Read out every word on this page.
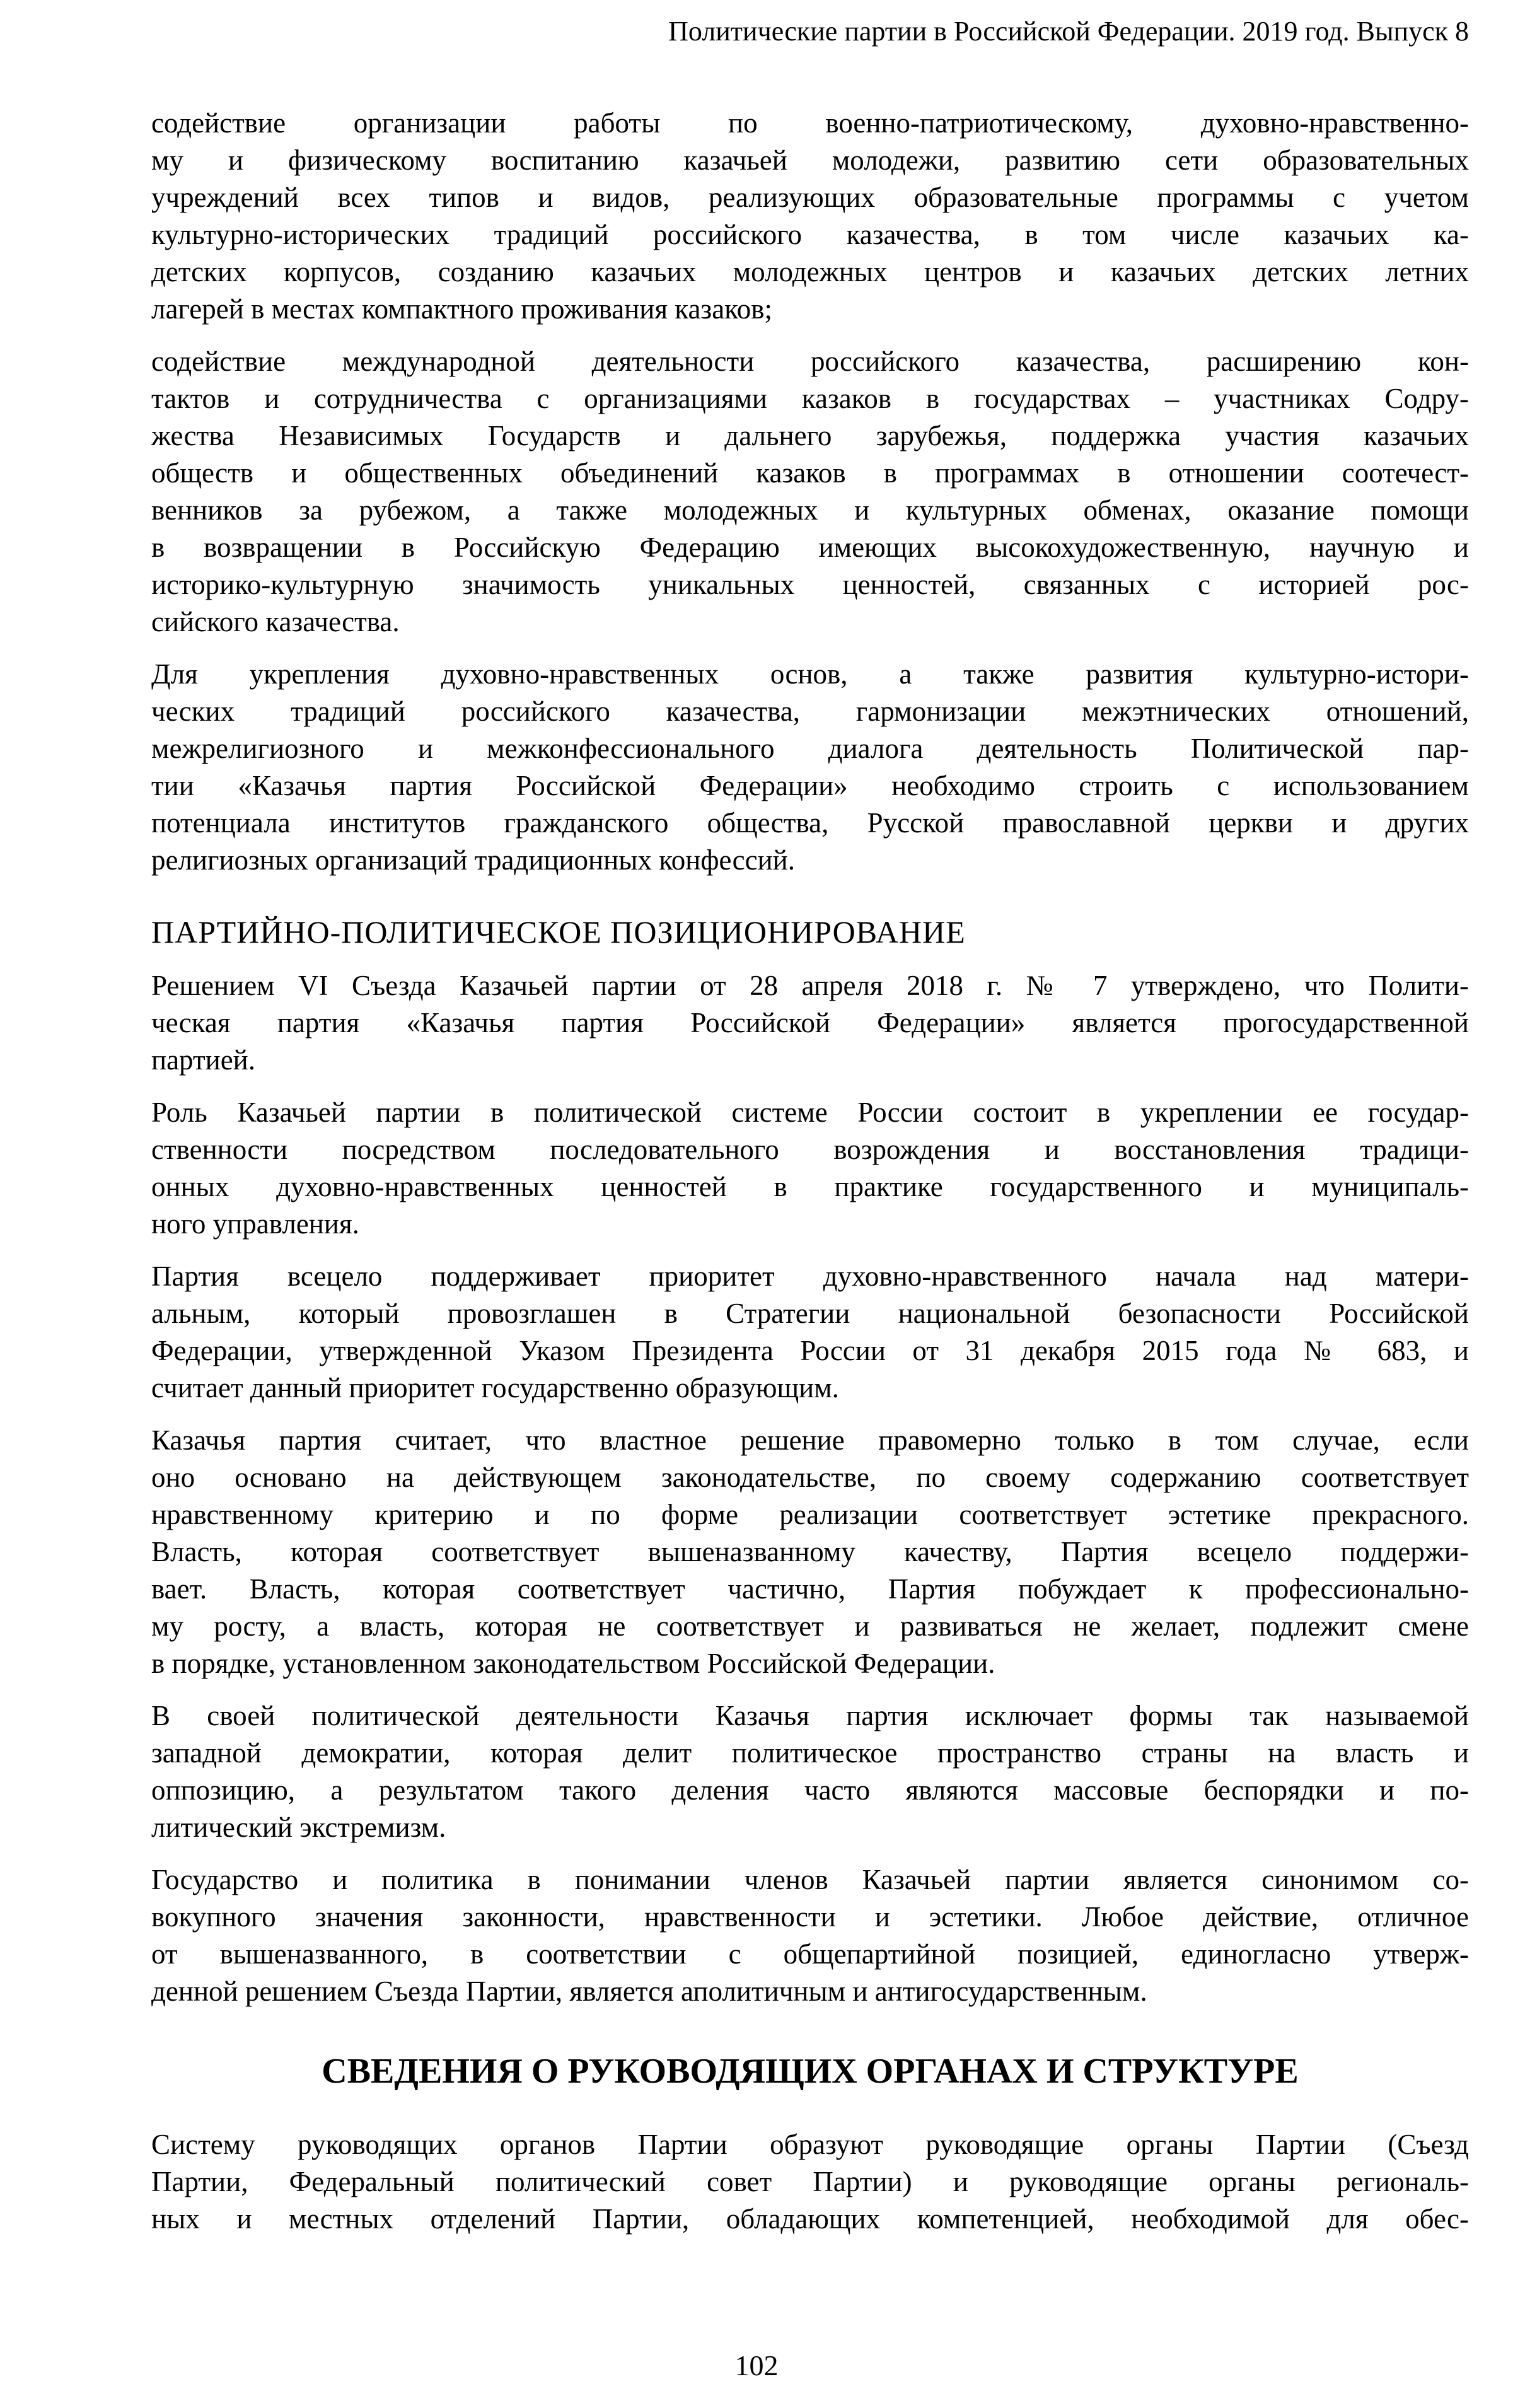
Политические партии в Российской Федерации. 2019 год. Выпуск 8
содействие организации работы по военно-патриотическому, духовно-нравственно-
му и физическому воспитанию казачьей молодежи, развитию сети образовательных
учреждений всех типов и видов, реализующих образовательные программы с учетом
культурно-исторических традиций российского казачества, в том числе казачьих ка-
детских корпусов, созданию казачьих молодежных центров и казачьих детских летних
лагерей в местах компактного проживания казаков;
содействие международной деятельности российского казачества, расширению кон-
тактов и сотрудничества с организациями казаков в государствах – участниках Содру-
жества Независимых Государств и дальнего зарубежья, поддержка участия казачьих
обществ и общественных объединений казаков в программах в отношении соотечест-
венников за рубежом, а также молодежных и культурных обменах, оказание помощи
в возвращении в Российскую Федерацию имеющих высокохудожественную, научную и
историко-культурную значимость уникальных ценностей, связанных с историей рос-
сийского казачества.
Для укрепления духовно-нравственных основ, а также развития культурно-истори-
ческих традиций российского казачества, гармонизации межэтнических отношений,
межрелигиозного и межконфессионального диалога деятельность Политической пар-
тии «Казачья партия Российской Федерации» необходимо строить с использованием
потенциала институтов гражданского общества, Русской православной церкви и других
религиозных организаций традиционных конфессий.
ПАРТИЙНО-ПОЛИТИЧЕСКОЕ ПОЗИЦИОНИРОВАНИЕ
Решением VI Съезда Казачьей партии от 28 апреля 2018 г. № 7 утверждено, что Полити-
ческая партия «Казачья партия Российской Федерации» является прогосударственной
партией.
Роль Казачьей партии в политической системе России состоит в укреплении ее государ-
ственности посредством последовательного возрождения и восстановления традици-
онных духовно-нравственных ценностей в практике государственного и муниципаль-
ного управления.
Партия всецело поддерживает приоритет духовно-нравственного начала над матери-
альным, который провозглашен в Стратегии национальной безопасности Российской
Федерации, утвержденной Указом Президента России от 31 декабря 2015 года № 683, и
считает данный приоритет государственно образующим.
Казачья партия считает, что властное решение правомерно только в том случае, если
оно основано на действующем законодательстве, по своему содержанию соответствует
нравственному критерию и по форме реализации соответствует эстетике прекрасного.
Власть, которая соответствует вышеназванному качеству, Партия всецело поддержи-
вает. Власть, которая соответствует частично, Партия побуждает к профессионально-
му росту, а власть, которая не соответствует и развиваться не желает, подлежит смене
в порядке, установленном законодательством Российской Федерации.
В своей политической деятельности Казачья партия исключает формы так называемой
западной демократии, которая делит политическое пространство страны на власть и
оппозицию, а результатом такого деления часто являются массовые беспорядки и по-
литический экстремизм.
Государство и политика в понимании членов Казачьей партии является синонимом со-
вокупного значения законности, нравственности и эстетики. Любое действие, отличное
от вышеназванного, в соответствии с общепартийной позицией, единогласно утверж-
денной решением Съезда Партии, является аполитичным и антигосударственным.
СВЕДЕНИЯ О РУКОВОДЯЩИХ ОРГАНАХ И СТРУКТУРЕ
Систему руководящих органов Партии образуют руководящие органы Партии (Съезд
Партии, Федеральный политический совет Партии) и руководящие органы региональ-
ных и местных отделений Партии, обладающих компетенцией, необходимой для обес-
102
